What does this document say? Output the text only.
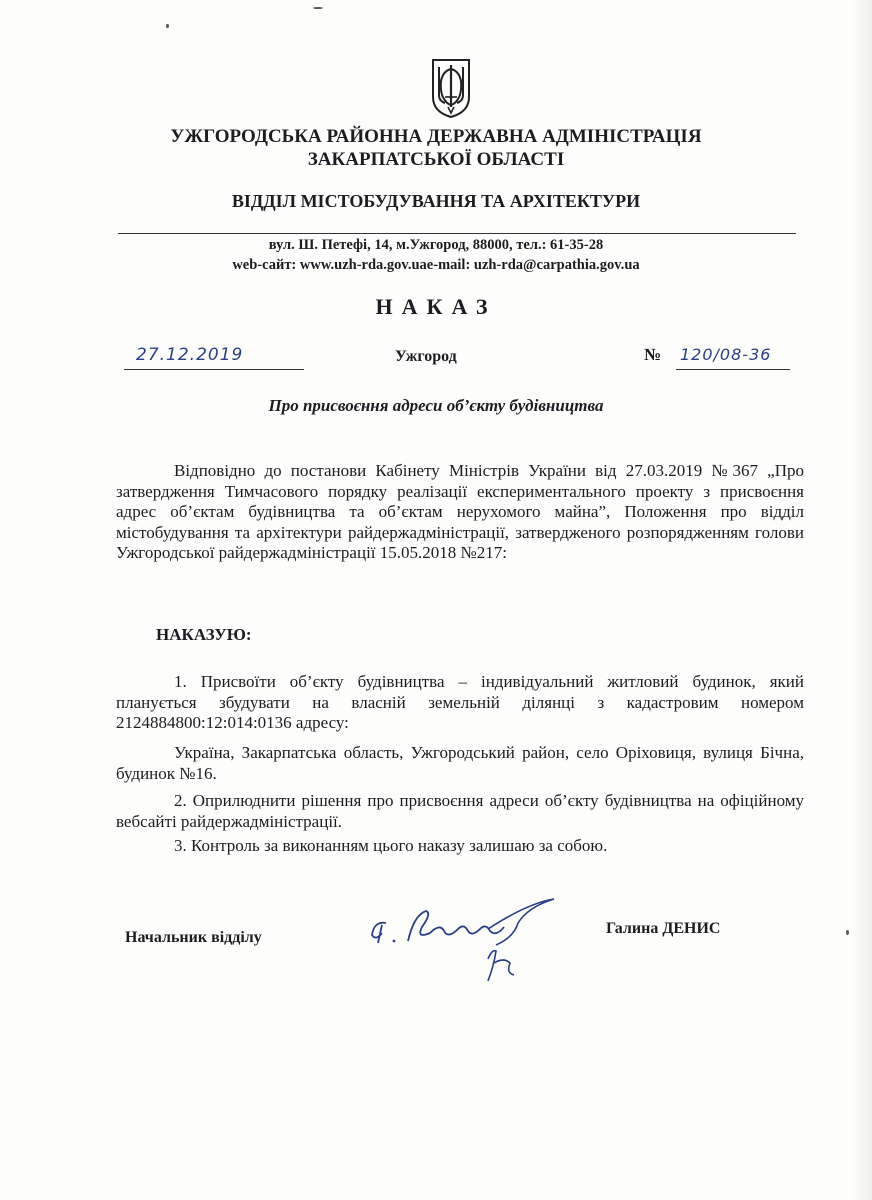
УЖГОРОДСЬКА РАЙОННА ДЕРЖАВНА АДМІНІСТРАЦІЯ
ЗАКАРПАТСЬКОЇ ОБЛАСТІ
ВІДДІЛ МІСТОБУДУВАННЯ ТА АРХІТЕКТУРИ
вул. Ш. Петефі, 14, м.Ужгород, 88000, тел.: 61-35-28
web-сайт: www.uzh-rda.gov.uae-mail: uzh-rda@carpathia.gov.ua
НАКАЗ
27.12.2019	Ужгород	№ 120/08-36
Про присвоєння адреси об’єкту будівництва
Відповідно до постанови Кабінету Міністрів України від 27.03.2019 №367 „Про затвердження Тимчасового порядку реалізації експериментального проекту з присвоєння адрес об’єктам будівництва та об’єктам нерухомого майна”, Положення про відділ містобудування та архітектури райдержадміністрації, затвердженого розпорядженням голови Ужгородської райдержадміністрації 15.05.2018 №217:
НАКАЗУЮ:
1. Присвоїти об’єкту будівництва – індивідуальний житловий будинок, який планується збудувати на власній земельній ділянці з кадастровим номером 2124884800:12:014:0136 адресу:
Україна, Закарпатська область, Ужгородський район, село Оріховиця, вулиця Бічна, будинок №16.
2. Оприлюднити рішення про присвоєння адреси об’єкту будівництва на офіційному вебсайті райдержадміністрації.
3. Контроль за виконанням цього наказу залишаю за собою.
Начальник відділу
Галина ДЕНИС
